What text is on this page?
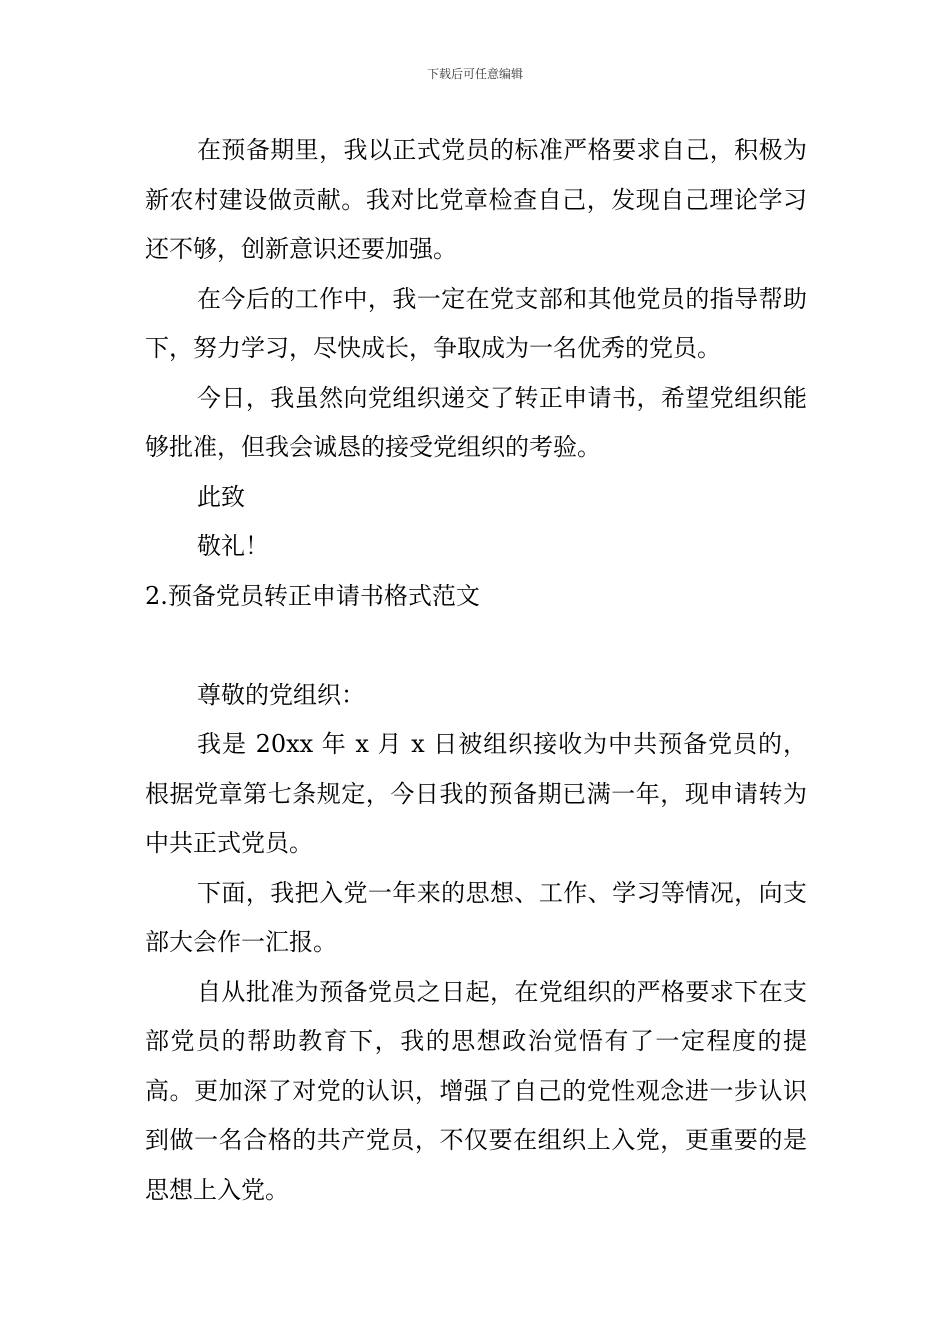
下载后可任意编辑

在预备期里，我以正式党员的标准严格要求自己，积极为新农村建设做贡献。我对比党章检查自己，发现自己理论学习还不够，创新意识还要加强。

在今后的工作中，我一定在党支部和其他党员的指导帮助下，努力学习，尽快成长，争取成为一名优秀的党员。

今日，我虽然向党组织递交了转正申请书，希望党组织能够批准，但我会诚恳的接受党组织的考验。

此致

敬礼！

2.预备党员转正申请书格式范文

尊敬的党组织：

我是 20xx 年 x 月 x 日被组织接收为中共预备党员的，根据党章第七条规定，今日我的预备期已满一年，现申请转为中共正式党员。

下面，我把入党一年来的思想、工作、学习等情况，向支部大会作一汇报。

自从批准为预备党员之日起，在党组织的严格要求下在支部党员的帮助教育下，我的思想政治觉悟有了一定程度的提高。更加深了对党的认识，增强了自己的党性观念进一步认识到做一名合格的共产党员，不仅要在组织上入党，更重要的是思想上入党。
